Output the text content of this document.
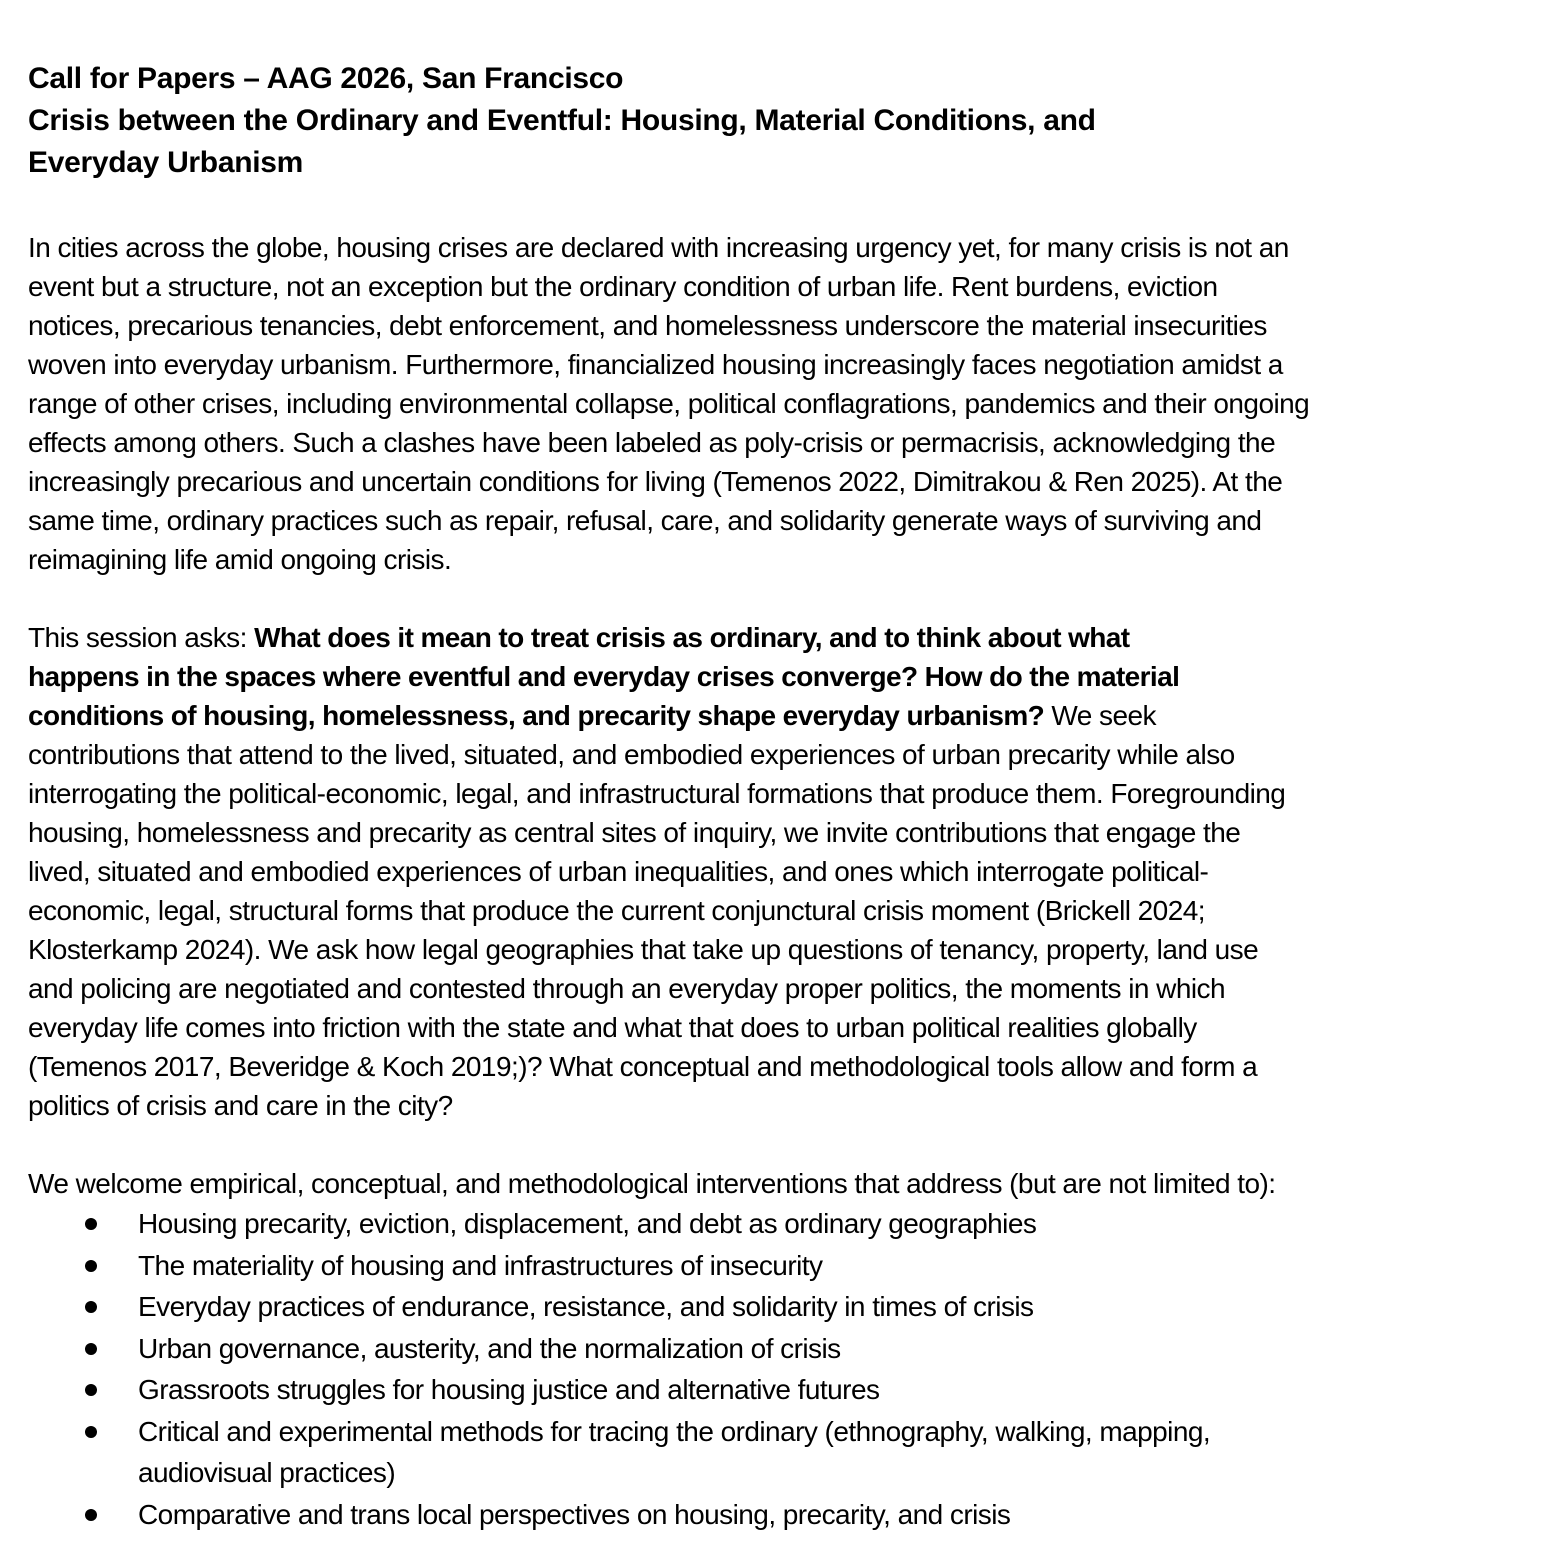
Call for Papers – AAG 2026, San Francisco
Crisis between the Ordinary and Eventful: Housing, Material Conditions, and
Everyday Urbanism

In cities across the globe, housing crises are declared with increasing urgency yet, for many crisis is not an
event but a structure, not an exception but the ordinary condition of urban life. Rent burdens, eviction
notices, precarious tenancies, debt enforcement, and homelessness underscore the material insecurities
woven into everyday urbanism. Furthermore, financialized housing increasingly faces negotiation amidst a
range of other crises, including environmental collapse, political conflagrations, pandemics and their ongoing
effects among others. Such a clashes have been labeled as poly-crisis or permacrisis, acknowledging the
increasingly precarious and uncertain conditions for living (Temenos 2022, Dimitrakou & Ren 2025). At the
same time, ordinary practices such as repair, refusal, care, and solidarity generate ways of surviving and
reimagining life amid ongoing crisis.

This session asks: What does it mean to treat crisis as ordinary, and to think about what
happens in the spaces where eventful and everyday crises converge? How do the material
conditions of housing, homelessness, and precarity shape everyday urbanism? We seek
contributions that attend to the lived, situated, and embodied experiences of urban precarity while also
interrogating the political-economic, legal, and infrastructural formations that produce them. Foregrounding
housing, homelessness and precarity as central sites of inquiry, we invite contributions that engage the
lived, situated and embodied experiences of urban inequalities, and ones which interrogate political-
economic, legal, structural forms that produce the current conjunctural crisis moment (Brickell 2024;
Klosterkamp 2024). We ask how legal geographies that take up questions of tenancy, property, land use
and policing are negotiated and contested through an everyday proper politics, the moments in which
everyday life comes into friction with the state and what that does to urban political realities globally
(Temenos 2017, Beveridge & Koch 2019;)? What conceptual and methodological tools allow and form a
politics of crisis and care in the city?

We welcome empirical, conceptual, and methodological interventions that address (but are not limited to):

Housing precarity, eviction, displacement, and debt as ordinary geographies
The materiality of housing and infrastructures of insecurity
Everyday practices of endurance, resistance, and solidarity in times of crisis
Urban governance, austerity, and the normalization of crisis
Grassroots struggles for housing justice and alternative futures
Critical and experimental methods for tracing the ordinary (ethnography, walking, mapping,
audiovisual practices)
Comparative and trans local perspectives on housing, precarity, and crisis
